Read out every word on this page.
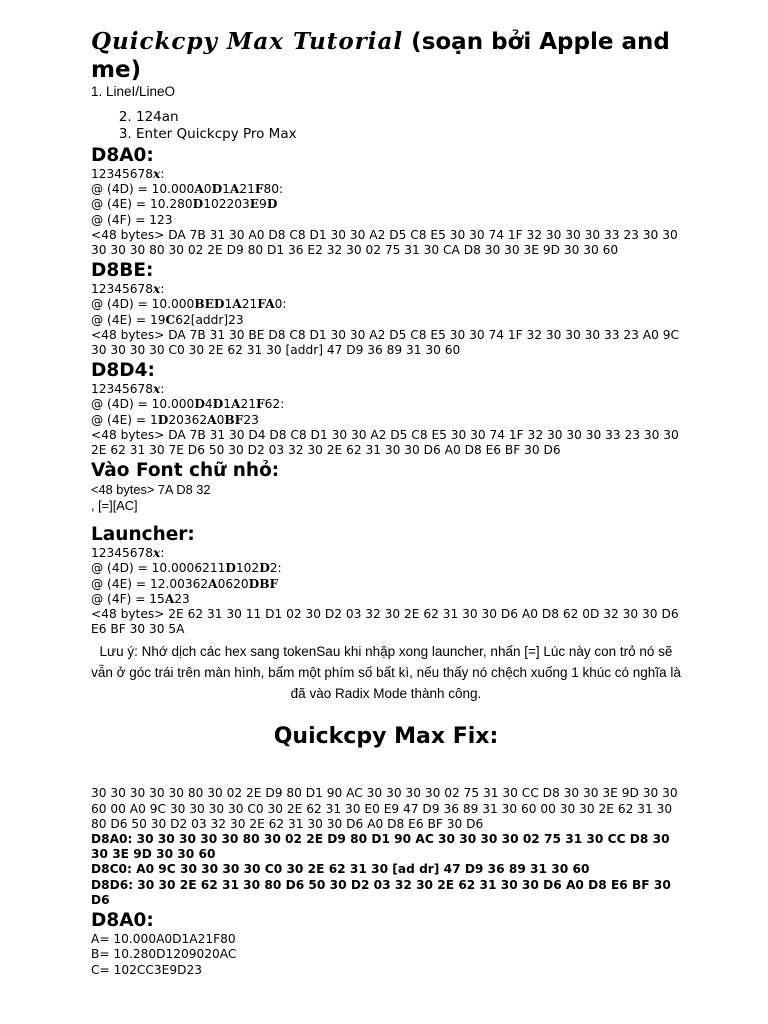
Quickcpy Max Tutorial (soạn bởi Apple and me)
1. LineI/LineO
2. 124an
3. Enter Quickcpy Pro Max
D8A0:
12345678x:
@ (4D) = 10.000A0D1A21F80:
@ (4E) = 10.280D102203E9D
@ (4F) = 123
<48 bytes> DA 7B 31 30 A0 D8 C8 D1 30 30 A2 D5 C8 E5 30 30 74 1F 32 30 30 30 33 23 30 30 30 30 30 80 30 02 2E D9 80 D1 36 E2 32 30 02 75 31 30 CA D8 30 30 3E 9D 30 30 60
D8BE:
12345678x:
@ (4D) = 10.000BED1A21FA0:
@ (4E) = 19C62[addr]23
<48 bytes> DA 7B 31 30 BE D8 C8 D1 30 30 A2 D5 C8 E5 30 30 74 1F 32 30 30 30 33 23 A0 9C 30 30 30 30 C0 30 2E 62 31 30 [addr] 47 D9 36 89 31 30 60
D8D4:
12345678x:
@ (4D) = 10.000D4D1A21F62:
@ (4E) = 1D20362A0BF23
<48 bytes> DA 7B 31 30 D4 D8 C8 D1 30 30 A2 D5 C8 E5 30 30 74 1F 32 30 30 30 33 23 30 30 2E 62 31 30 7E D6 50 30 D2 03 32 30 2E 62 31 30 30 D6 A0 D8 E6 BF 30 D6
Vào Font chữ nhỏ:
<48 bytes> 7A D8 32
, [=][AC]
Launcher:
12345678x:
@ (4D) = 10.0006211D102D2:
@ (4E) = 12.00362A0620DBF
@ (4F) = 15A23
<48 bytes> 2E 62 31 30 11 D1 02 30 D2 03 32 30 2E 62 31 30 30 D6 A0 D8 62 0D 32 30 30 D6 E6 BF 30 30 5A

Lưu ý: Nhớ dịch các hex sang tokenSau khi nhập xong launcher, nhấn [=] Lúc này con trỏ nó sẽ vẫn ở góc trái trên màn hình, bấm một phím số bất kì, nếu thấy nó chệch xuống 1 khúc có nghĩa là đã vào Radix Mode thành công.

Quickcpy Max Fix:
30 30 30 30 30 80 30 02 2E D9 80 D1 90 AC 30 30 30 30 02 75 31 30 CC D8 30 30 3E 9D 30 30 60 00 A0 9C 30 30 30 30 C0 30 2E 62 31 30 E0 E9 47 D9 36 89 31 30 60 00 30 30 2E 62 31 30 80 D6 50 30 D2 03 32 30 2E 62 31 30 30 D6 A0 D8 E6 BF 30 D6
D8A0: 30 30 30 30 30 80 30 02 2E D9 80 D1 90 AC 30 30 30 30 02 75 31 30 CC D8 30 30 3E 9D 30 30 60
D8C0: A0 9C 30 30 30 30 C0 30 2E 62 31 30 [ad dr] 47 D9 36 89 31 30 60
D8D6: 30 30 2E 62 31 30 80 D6 50 30 D2 03 32 30 2E 62 31 30 30 D6 A0 D8 E6 BF 30 D6
D8A0:
A= 10.000A0D1A21F80
B= 10.280D1209020AC
C= 102CC3E9D23
